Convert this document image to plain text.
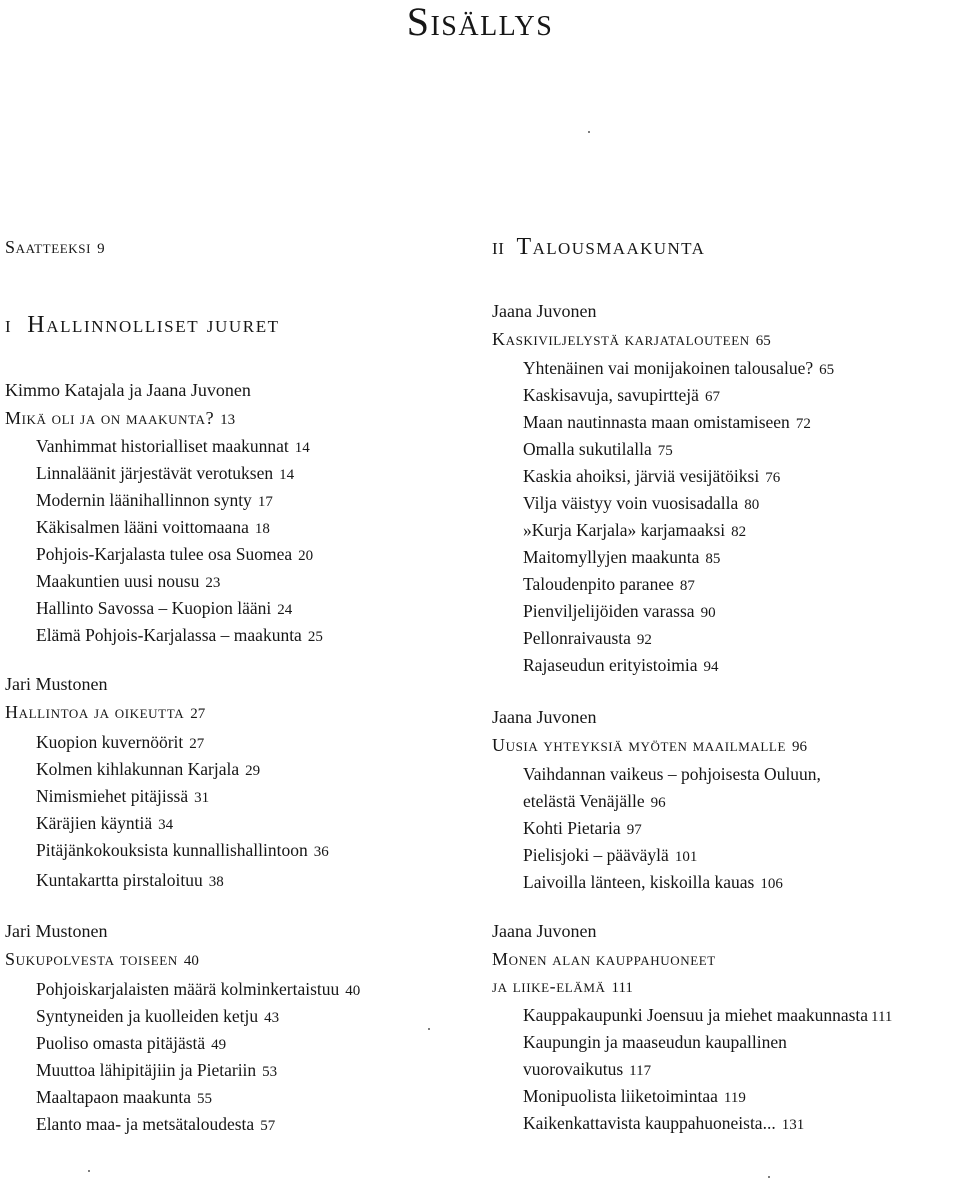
Sisällys
Saatteeksi 9
i Hallinnolliset juuret
Kimmo Katajala ja Jaana Juvonen
Mikä oli ja on maakunta? 13
Vanhimmat historialliset maakunnat 14
Linnaläänit järjestävät verotuksen 14
Modernin läänihallinnon synty 17
Käkisalmen lääni voittomaana 18
Pohjois-Karjalasta tulee osa Suomea 20
Maakuntien uusi nousu 23
Hallinto Savossa – Kuopion lääni 24
Elämä Pohjois-Karjalassa – maakunta 25
Jari Mustonen
Hallintoa ja oikeutta 27
Kuopion kuvernöörit 27
Kolmen kihlakunnan Karjala 29
Nimismiehet pitäjissä 31
Käräjien käyntiä 34
Pitäjänkokouksista kunnallishallintoon 36
Kuntakartta pirstaloituu 38
Jari Mustonen
Sukupolvesta toiseen 40
Pohjoiskarjalaisten määrä kolminkertaistuu 40
Syntyneiden ja kuolleiden ketju 43
Puoliso omasta pitäjästä 49
Muuttoa lähipitäjiin ja Pietariin 53
Maaltapaon maakunta 55
Elanto maa- ja metsätaloudesta 57
ii Talousmaakunta
Jaana Juvonen
Kaskiviljelystä karjatalouteen 65
Yhtenäinen vai monijakoinen talousalue? 65
Kaskisavuja, savupirttejä 67
Maan nautinnasta maan omistamiseen 72
Omalla sukutilalla 75
Kaskia ahoiksi, järviä vesijätöiksi 76
Vilja väistyy voin vuosisadalla 80
»Kurja Karjala» karjamaaksi 82
Maitomyllyjen maakunta 85
Taloudenpito paranee 87
Pienviljelijöiden varassa 90
Pellonraivausta 92
Rajaseudun erityistoimia 94
Jaana Juvonen
Uusia yhteyksiä myöten maailmalle 96
Vaihdannan vaikeus – pohjoisesta Ouluun,
etelästä Venäjälle 96
Kohti Pietaria 97
Pielisjoki – pääväylä 101
Laivoilla länteen, kiskoilla kauas 106
Jaana Juvonen
Monen alan kauppahuoneet
ja liike-elämä 111
Kauppakaupunki Joensuu ja miehet maakunnasta 111
Kaupungin ja maaseudun kaupallinen
vuorovaikutus 117
Monipuolista liiketoimintaa 119
Kaikenkattavista kauppahuoneista... 131
